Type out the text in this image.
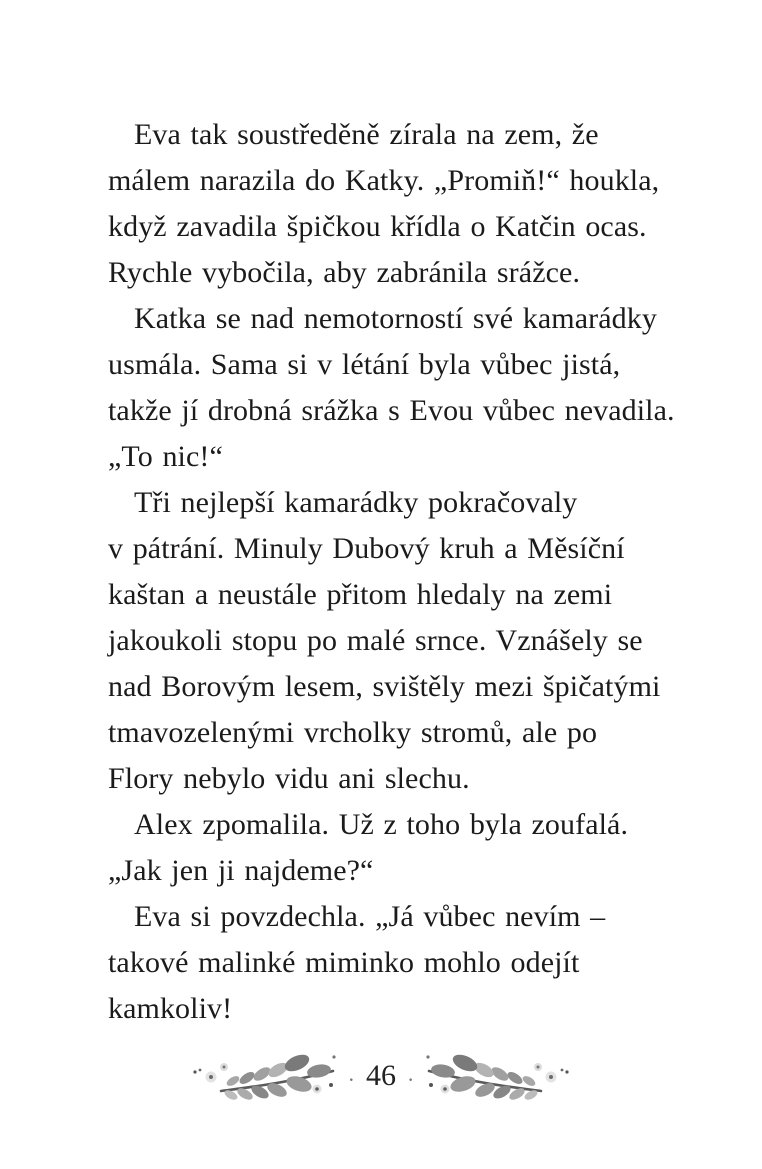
Eva tak soustředěně zírala na zem, že
málem narazila do Katky. „Promiň!“ houkla,
když zavadila špičkou křídla o Katčin ocas.
Rychle vybočila, aby zabránila srážce.
Katka se nad nemotorností své kamarádky
usmála. Sama si v létání byla vůbec jistá,
takže jí drobná srážka s Evou vůbec nevadila.
„To nic!“
Tři nejlepší kamarádky pokračovaly
v pátrání. Minuly Dubový kruh a Měsíční
kaštan a neustále přitom hledaly na zemi
jakoukoli stopu po malé srnce. Vznášely se
nad Borovým lesem, svištěly mezi špičatými
tmavozelenými vrcholky stromů, ale po
Flory nebylo vidu ani slechu.
Alex zpomalila. Už z toho byla zoufalá.
„Jak jen ji najdeme?“
Eva si povzdechla. „Já vůbec nevím –
takové malinké miminko mohlo odejít
kamkoliv!
· 46 ·
